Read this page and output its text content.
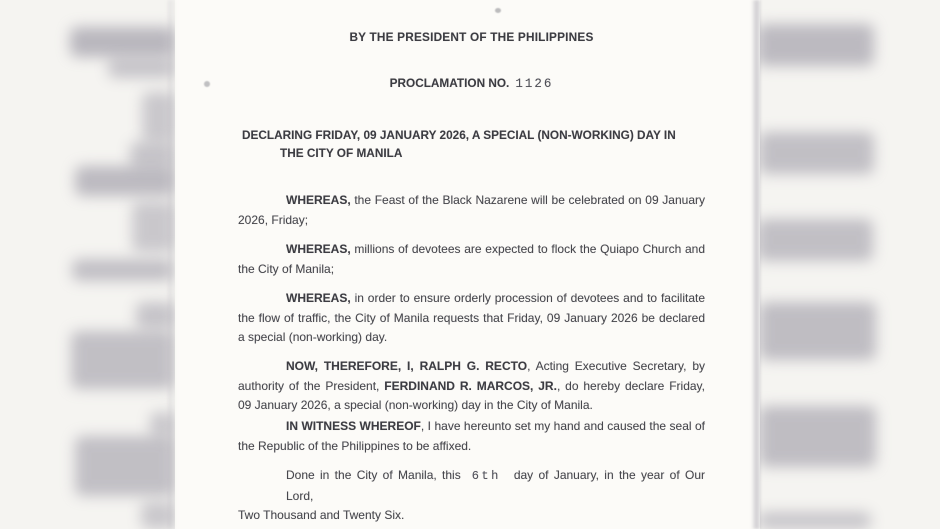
BY THE PRESIDENT OF THE PHILIPPINES
PROCLAMATION NO. 1126
DECLARING FRIDAY, 09 JANUARY 2026, A SPECIAL (NON-WORKING) DAY IN
THE CITY OF MANILA
WHEREAS, the Feast of the Black Nazarene will be celebrated on 09 January
2026, Friday;
WHEREAS, millions of devotees are expected to flock the Quiapo Church and
the City of Manila;
WHEREAS, in order to ensure orderly procession of devotees and to facilitate
the flow of traffic, the City of Manila requests that Friday, 09 January 2026 be declared
a special (non-working) day.
NOW, THEREFORE, I, RALPH G. RECTO, Acting Executive Secretary, by
authority of the President, FERDINAND R. MARCOS, JR., do hereby declare Friday,
09 January 2026, a special (non-working) day in the City of Manila.
IN WITNESS WHEREOF, I have hereunto set my hand and caused the seal of
the Republic of the Philippines to be affixed.
Done in the City of Manila, this 6th day of January, in the year of Our Lord,
Two Thousand and Twenty Six.
